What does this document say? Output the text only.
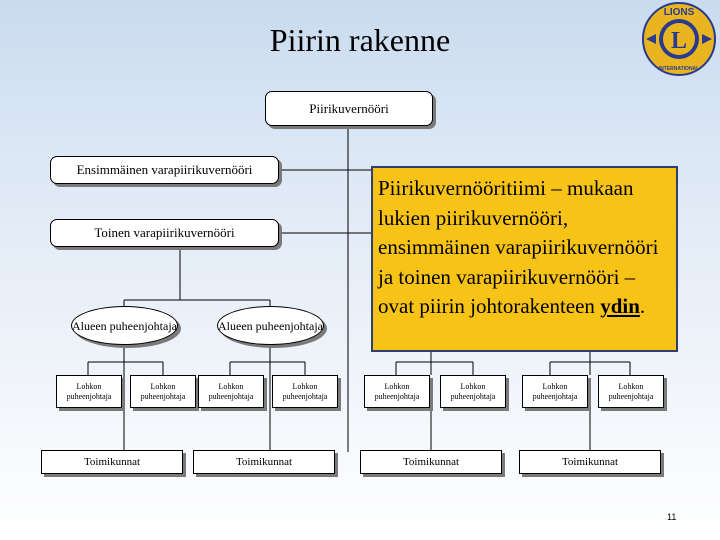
Piirin rakenne	L
LIONS
INTERNATIONAL
Piirikuvernööri
Ensimmäinen varapiirikuvernööri
Toinen varapiirikuvernööri
Alueen puheenjohtaja	Alueen puheenjohtaja
Lohkon puheenjohtaja
Lohkon puheenjohtaja
Lohkon puheenjohtaja
Lohkon puheenjohtaja
Lohkon puheenjohtaja
Lohkon puheenjohtaja
Lohkon puheenjohtaja
Lohkon puheenjohtaja
Toimikunnat	Toimikunnat	Toimikunnat	Toimikunnat
Piirikuvernööritiimi – mukaan lukien piirikuvernööri, ensimmäinen varapiirikuvernööri ja toinen varapiirikuvernööri – ovat piirin johtorakenteen ydin.
11
